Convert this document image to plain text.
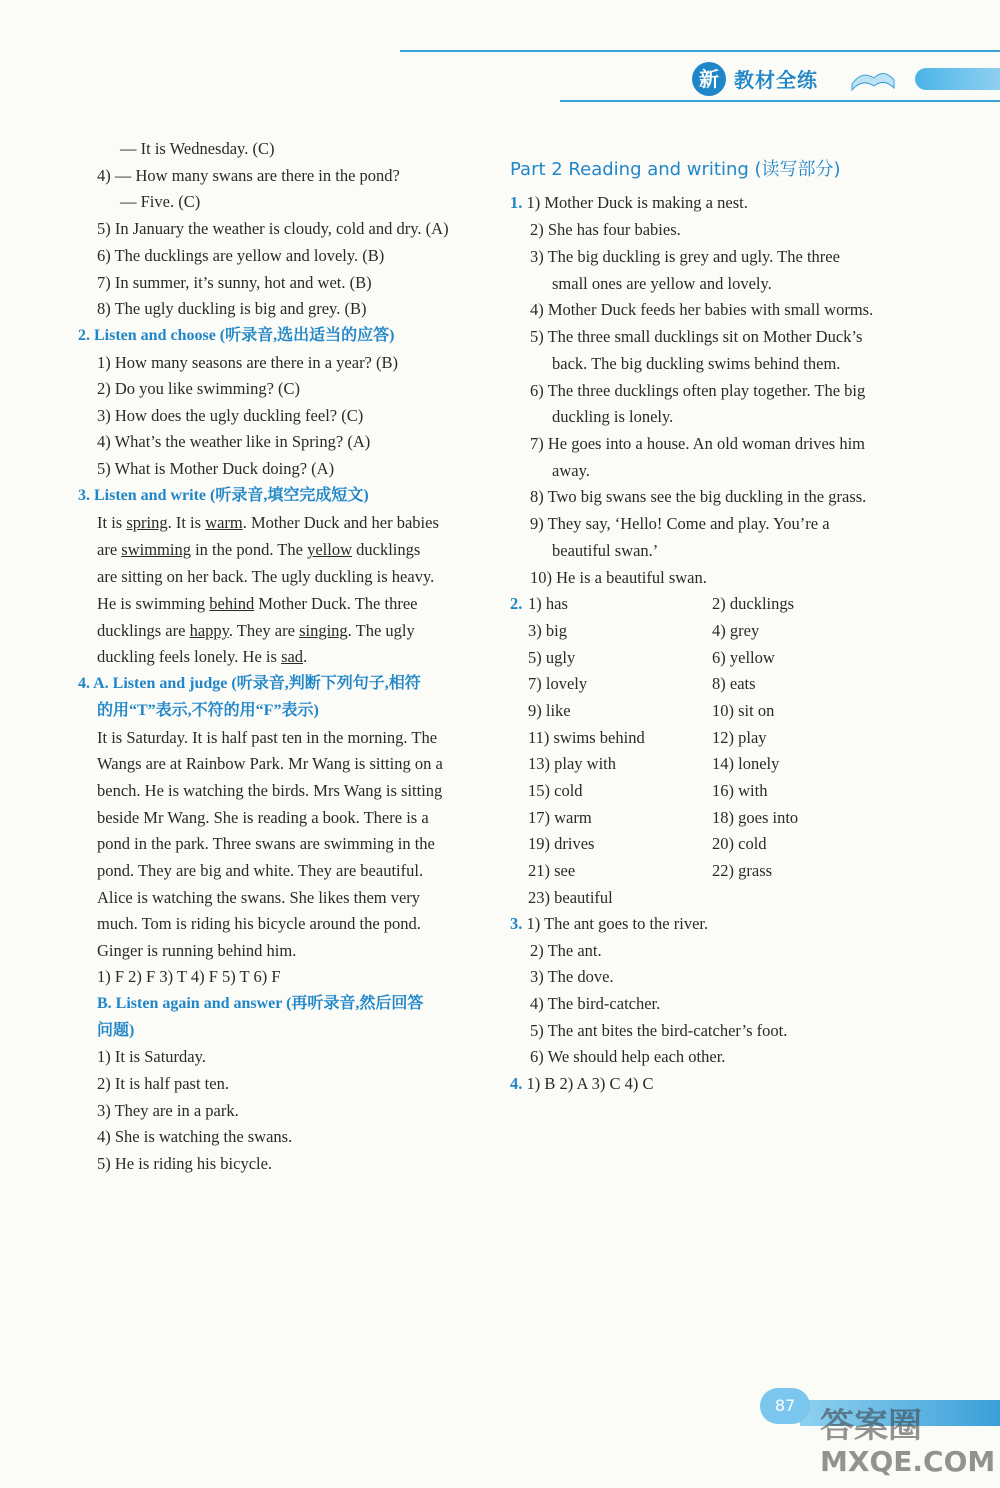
新 教材全练
— It is Wednesday. (C)
4) — How many swans are there in the pond?
— Five. (C)
5) In January the weather is cloudy, cold and dry. (A)
6) The ducklings are yellow and lovely. (B)
7) In summer, it’s sunny, hot and wet. (B)
8) The ugly duckling is big and grey. (B)
2. Listen and choose (听录音,选出适当的应答)
1) How many seasons are there in a year? (B)
2) Do you like swimming? (C)
3) How does the ugly duckling feel? (C)
4) What’s the weather like in Spring? (A)
5) What is Mother Duck doing? (A)
3. Listen and write (听录音,填空完成短文)
It is spring. It is warm. Mother Duck and her babies
are swimming in the pond. The yellow ducklings
are sitting on her back. The ugly duckling is heavy.
He is swimming behind Mother Duck. The three
ducklings are happy. They are singing. The ugly
duckling feels lonely. He is sad.
4. A. Listen and judge (听录音,判断下列句子,相符
的用“T”表示,不符的用“F”表示)
It is Saturday. It is half past ten in the morning. The
Wangs are at Rainbow Park. Mr Wang is sitting on a
bench. He is watching the birds. Mrs Wang is sitting
beside Mr Wang. She is reading a book. There is a
pond in the park. Three swans are swimming in the
pond. They are big and white. They are beautiful.
Alice is watching the swans. She likes them very
much. Tom is riding his bicycle around the pond.
Ginger is running behind him.
1) F 2) F 3) T 4) F 5) T 6) F
B. Listen again and answer (再听录音,然后回答
问题)
1) It is Saturday.
2) It is half past ten.
3) They are in a park.
4) She is watching the swans.
5) He is riding his bicycle.
1. 1) Mother Duck is making a nest.
2) She has four babies.
3) The big duckling is grey and ugly. The three
small ones are yellow and lovely.
4) Mother Duck feeds her babies with small worms.
5) The three small ducklings sit on Mother Duck’s
back. The big duckling swims behind them.
6) The three ducklings often play together. The big
duckling is lonely.
7) He goes into a house. An old woman drives him
away.
8) Two big swans see the big duckling in the grass.
9) They say, ‘Hello! Come and play. You’re a
beautiful swan.’
10) He is a beautiful swan.
2. 1) has	2) ducklings
3) big	4) grey
5) ugly	6) yellow
7) lovely	8) eats
9) like	10) sit on
11) swims behind	12) play
13) play with	14) lonely
15) cold	16) with
17) warm	18) goes into
19) drives	20) cold
21) see	22) grass
23) beautiful
3. 1) The ant goes to the river.
2) The ant.
3) The dove.
4) The bird-catcher.
5) The ant bites the bird-catcher’s foot.
6) We should help each other.
4. 1) B 2) A 3) C 4) C
Part 2 Reading and writing (读写部分)
87
答案圈
MXQE.COM
